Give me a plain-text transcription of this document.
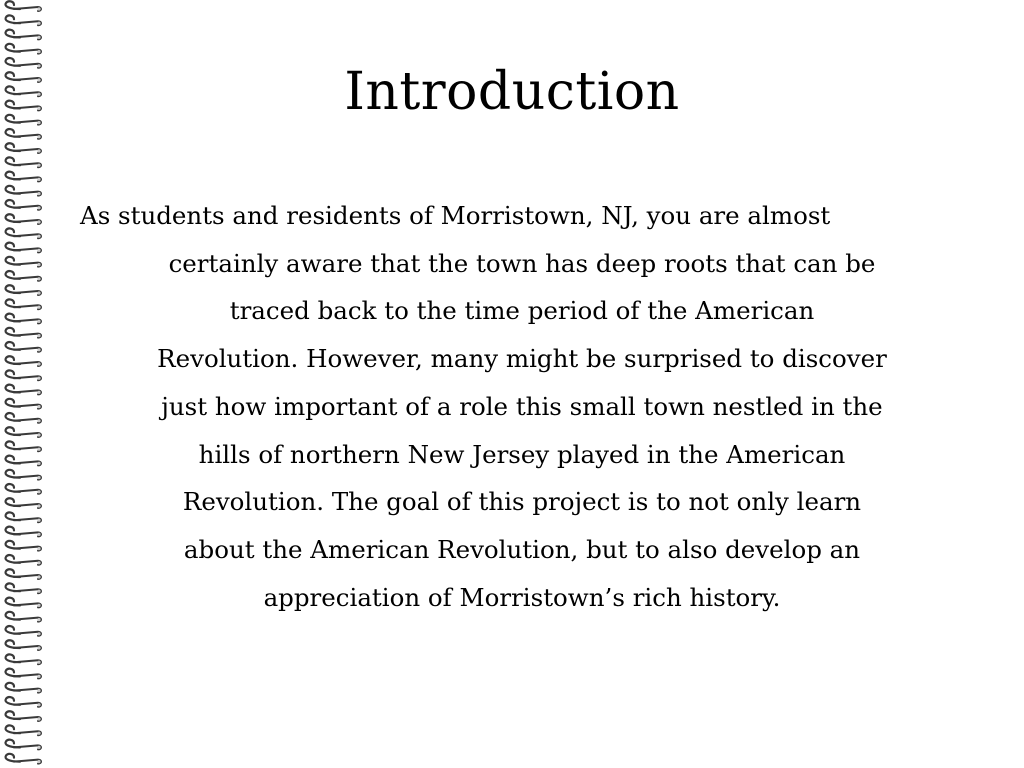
Introduction

As students and residents of Morristown, NJ, you are almost
certainly aware that the town has deep roots that can be
traced back to the time period of the American
Revolution. However, many might be surprised to discover
just how important of a role this small town nestled in the
hills of northern New Jersey played in the American
Revolution. The goal of this project is to not only learn
about the American Revolution, but to also develop an
appreciation of Morristown’s rich history.
